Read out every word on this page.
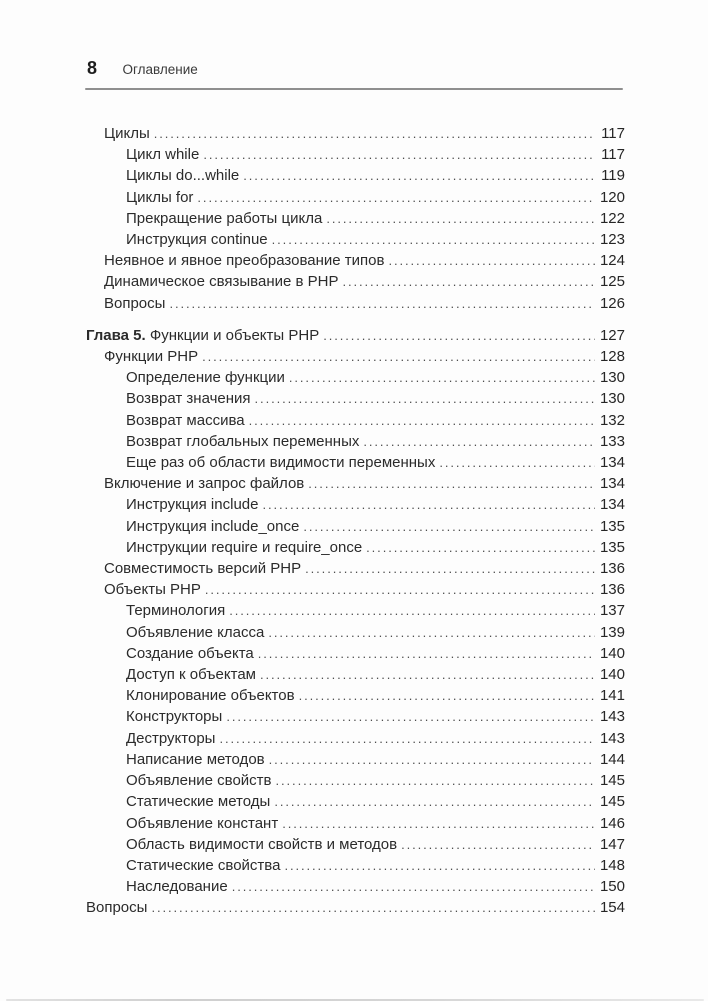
8 Оглавление
Циклы .....	117
Цикл while .....	117
Циклы do...while .....	119
Циклы for .....	120
Прекращение работы цикла .....	122
Инструкция continue .....	123
Неявное и явное преобразование типов .....	124
Динамическое связывание в PHP .....	125
Вопросы .....	126
Глава 5. Функции и объекты PHP .....	127
Функции PHP .....	128
Определение функции .....	130
Возврат значения .....	130
Возврат массива .....	132
Возврат глобальных переменных .....	133
Еще раз об области видимости переменных .....	134
Включение и запрос файлов .....	134
Инструкция include .....	134
Инструкция include_once .....	135
Инструкции require и require_once .....	135
Совместимость версий PHP .....	136
Объекты PHP .....	136
Терминология .....	137
Объявление класса .....	139
Создание объекта .....	140
Доступ к объектам .....	140
Клонирование объектов .....	141
Конструкторы .....	143
Деструкторы .....	143
Написание методов .....	144
Объявление свойств .....	145
Статические методы .....	145
Объявление констант .....	146
Область видимости свойств и методов .....	147
Статические свойства .....	148
Наследование .....	150
Вопросы .....	154
